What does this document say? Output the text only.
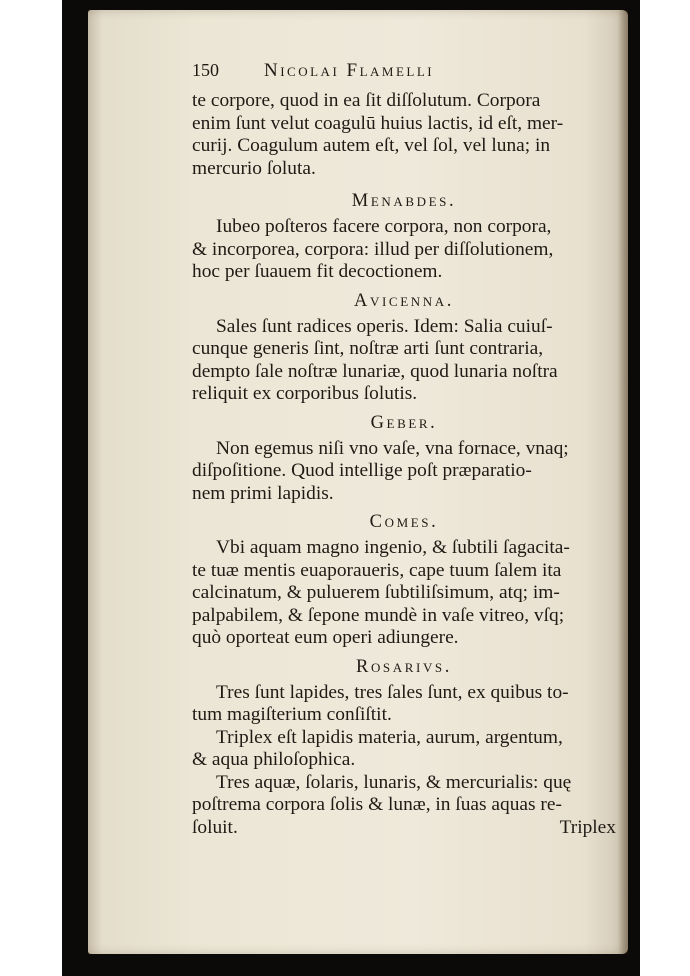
150	Nicolai Flamelli
te corpore, quod in ea ſit diſſolutum. Corpora
enim ſunt velut coagulū huius lactis, id eſt, mer-
curij. Coagulum autem eſt, vel ſol, vel luna; in
mercurio ſoluta.
Menabdes.
Iubeo poſteros facere corpora, non corpora,
& incorporea, corpora: illud per diſſolutionem,
hoc per ſuauem fit decoctionem.
Avicenna.
Sales ſunt radices operis. Idem: Salia cuiuſ-
cunque generis ſint, noſtræ arti ſunt contraria,
dempto ſale noſtræ lunariæ, quod lunaria noſtra
reliquit ex corporibus ſolutis.
Geber.
Non egemus niſi vno vaſe, vna fornace, vnaq;
diſpoſitione. Quod intellige poſt præparatio-
nem primi lapidis.
Comes.
Vbi aquam magno ingenio, & ſubtili ſagacita-
te tuæ mentis euaporaueris, cape tuum ſalem ita
calcinatum, & puluerem ſubtiliſsimum, atq; im-
palpabilem, & ſepone mundè in vaſe vitreo, vſq;
quò oporteat eum operi adiungere.
Rosarivs.
Tres ſunt lapides, tres ſales ſunt, ex quibus to-
tum magiſterium conſiſtit.
Triplex eſt lapidis materia, aurum, argentum,
& aqua philoſophica.
Tres aquæ, ſolaris, lunaris, & mercurialis: quę
poſtrema corpora ſolis & lunæ, in ſuas aquas re-
ſoluit.	Triplex
